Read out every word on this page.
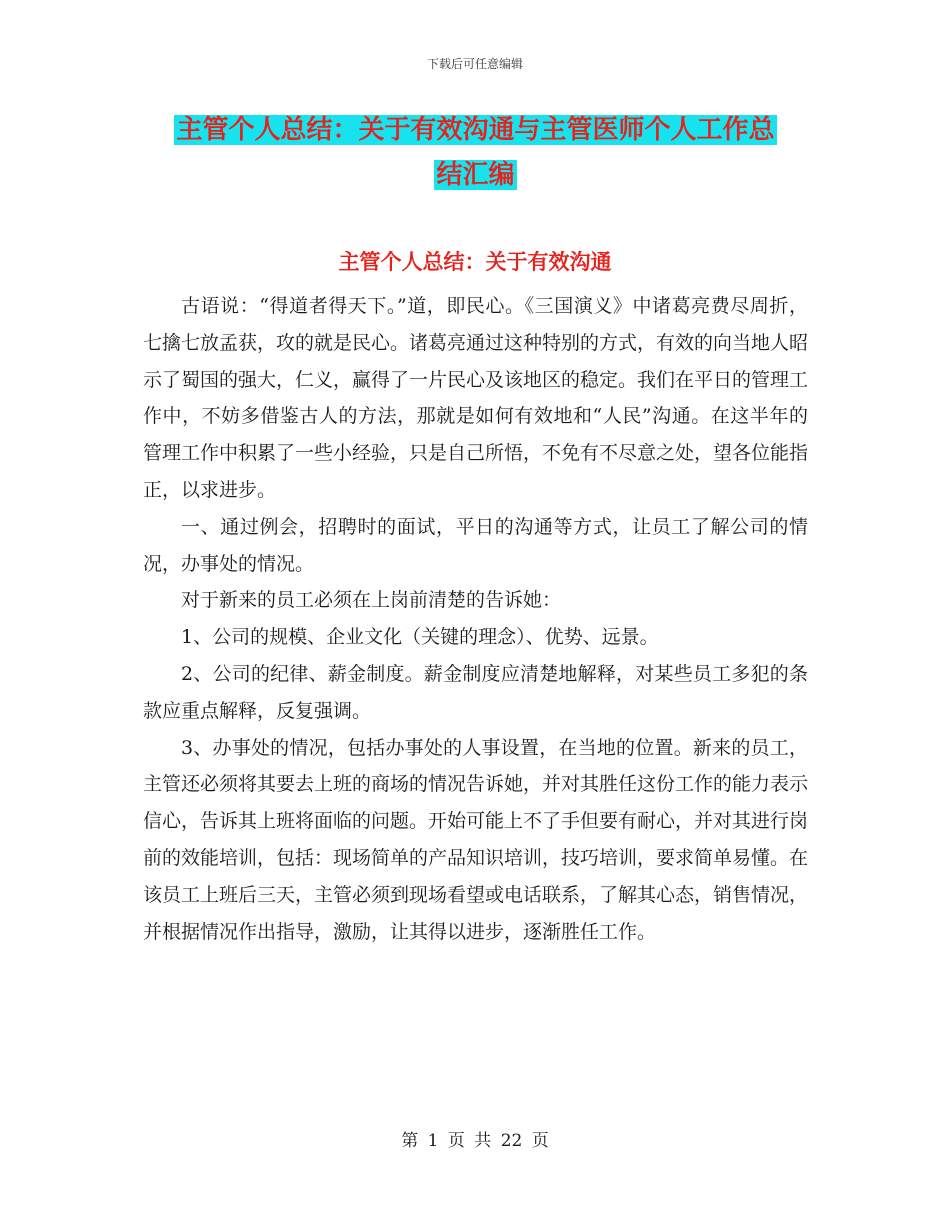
下载后可任意编辑
主管个人总结：关于有效沟通与主管医师个人工作总
结汇编
主管个人总结：关于有效沟通

古语说：“得道者得天下。”道，即民心。《三国演义》中诸葛亮费尽周折，七擒七放孟获，攻的就是民心。诸葛亮通过这种特别的方式，有效的向当地人昭示了蜀国的强大，仁义，赢得了一片民心及该地区的稳定。我们在平日的管理工作中，不妨多借鉴古人的方法，那就是如何有效地和“人民”沟通。在这半年的管理工作中积累了一些小经验，只是自己所悟，不免有不尽意之处，望各位能指正，以求进步。

一、通过例会，招聘时的面试，平日的沟通等方式，让员工了解公司的情况，办事处的情况。

对于新来的员工必须在上岗前清楚的告诉她：

1、公司的规模、企业文化（关键的理念）、优势、远景。

2、公司的纪律、薪金制度。薪金制度应清楚地解释，对某些员工多犯的条款应重点解释，反复强调。

3、办事处的情况，包括办事处的人事设置，在当地的位置。新来的员工，主管还必须将其要去上班的商场的情况告诉她，并对其胜任这份工作的能力表示信心，告诉其上班将面临的问题。开始可能上不了手但要有耐心，并对其进行岗前的效能培训，包括：现场简单的产品知识培训，技巧培训，要求简单易懂。在该员工上班后三天，主管必须到现场看望或电话联系，了解其心态，销售情况，并根据情况作出指导，激励，让其得以进步，逐渐胜任工作。

第 1 页 共 22 页
